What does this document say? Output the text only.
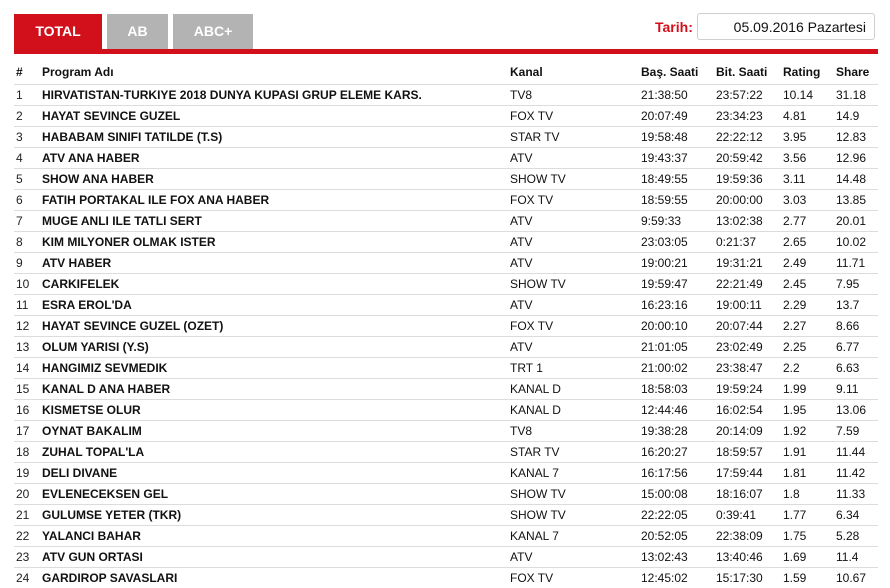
TOTAL	AB	ABC+	Tarih:	05.09.2016 Pazartesi
#	Program Adı	Kanal	Baş. Saati	Bit. Saati	Rating	Share
1	HIRVATISTAN-TURKIYE 2018 DUNYA KUPASI GRUP ELEME KARS.	TV8	21:38:50	23:57:22	10.14	31.18
2	HAYAT SEVINCE GUZEL	FOX TV	20:07:49	23:34:23	4.81	14.9
3	HABABAM SINIFI TATILDE (T.S)	STAR TV	19:58:48	22:22:12	3.95	12.83
4	ATV ANA HABER	ATV	19:43:37	20:59:42	3.56	12.96
5	SHOW ANA HABER	SHOW TV	18:49:55	19:59:36	3.11	14.48
6	FATIH PORTAKAL ILE FOX ANA HABER	FOX TV	18:59:55	20:00:00	3.03	13.85
7	MUGE ANLI ILE TATLI SERT	ATV	9:59:33	13:02:38	2.77	20.01
8	KIM MILYONER OLMAK ISTER	ATV	23:03:05	0:21:37	2.65	10.02
9	ATV HABER	ATV	19:00:21	19:31:21	2.49	11.71
10	CARKIFELEK	SHOW TV	19:59:47	22:21:49	2.45	7.95
11	ESRA EROL'DA	ATV	16:23:16	19:00:11	2.29	13.7
12	HAYAT SEVINCE GUZEL (OZET)	FOX TV	20:00:10	20:07:44	2.27	8.66
13	OLUM YARISI (Y.S)	ATV	21:01:05	23:02:49	2.25	6.77
14	HANGIMIZ SEVMEDIK	TRT 1	21:00:02	23:38:47	2.2	6.63
15	KANAL D ANA HABER	KANAL D	18:58:03	19:59:24	1.99	9.11
16	KISMETSE OLUR	KANAL D	12:44:46	16:02:54	1.95	13.06
17	OYNAT BAKALIM	TV8	19:38:28	20:14:09	1.92	7.59
18	ZUHAL TOPAL'LA	STAR TV	16:20:27	18:59:57	1.91	11.44
19	DELI DIVANE	KANAL 7	16:17:56	17:59:44	1.81	11.42
20	EVLENECEKSEN GEL	SHOW TV	15:00:08	18:16:07	1.8	11.33
21	GULUMSE YETER (TKR)	SHOW TV	22:22:05	0:39:41	1.77	6.34
22	YALANCI BAHAR	KANAL 7	20:52:05	22:38:09	1.75	5.28
23	ATV GUN ORTASI	ATV	13:02:43	13:40:46	1.69	11.4
24	GARDIROP SAVASLARI	FOX TV	12:45:02	15:17:30	1.59	10.67
